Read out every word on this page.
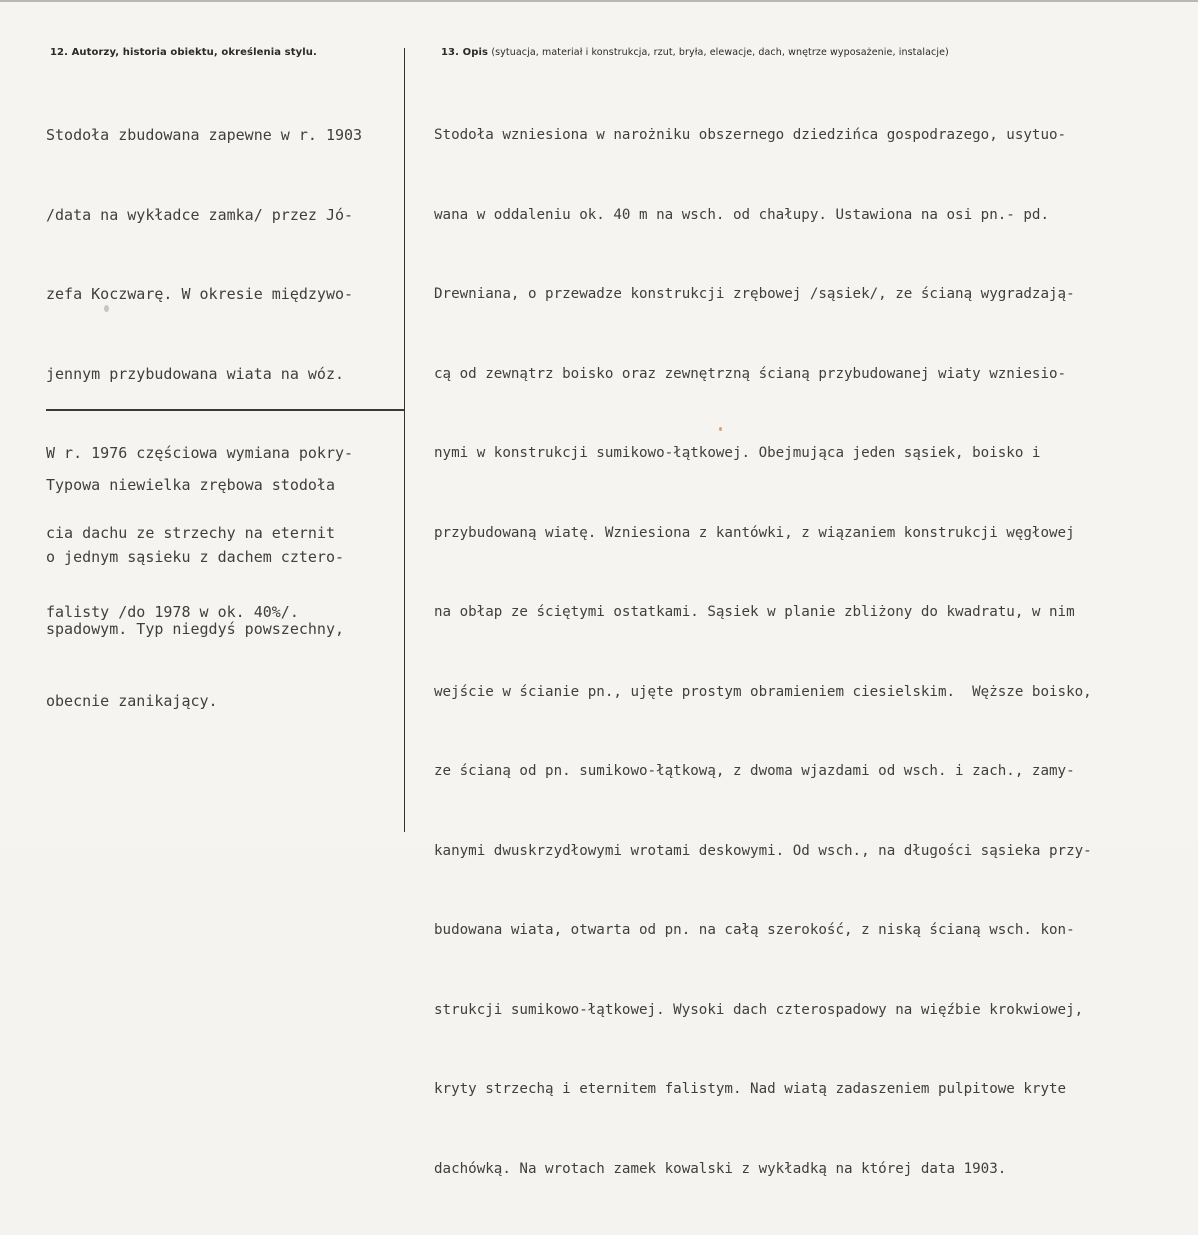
12. Autorzy, historia obiektu, określenia stylu.	13. Opis (sytuacja, materiał i konstrukcja, rzut, bryła, elewacje, dach, wnętrze wyposażenie, instalacje)

Stodoła zbudowana zapewne w r. 1903

/data na wykładce zamka/ przez Jó-

zefa Koczwarę. W okresie międzywo-

jennym przybudowana wiata na wóz.

W r. 1976 częściowa wymiana pokry-

cia dachu ze strzechy na eternit

falisty /do 1978 w ok. 40%/.

Typowa niewielka zrębowa stodoła

o jednym sąsieku z dachem cztero-

spadowym. Typ niegdyś powszechny,

obecnie zanikający.

Stodoła wzniesiona w narożniku obszernego dziedzińca gospodrazego, usytuo-

wana w oddaleniu ok. 40 m na wsch. od chałupy. Ustawiona na osi pn.- pd.

Drewniana, o przewadze konstrukcji zrębowej /sąsiek/, ze ścianą wygradzają-

cą od zewnątrz boisko oraz zewnętrzną ścianą przybudowanej wiaty wzniesio-

nymi w konstrukcji sumikowo-łątkowej. Obejmująca jeden sąsiek, boisko i

przybudowaną wiatę. Wzniesiona z kantówki, z wiązaniem konstrukcji węgłowej

na obłap ze ściętymi ostatkami. Sąsiek w planie zbliżony do kwadratu, w nim

wejście w ścianie pn., ujęte prostym obramieniem ciesielskim.  Węższe boisko,

ze ścianą od pn. sumikowo-łątkową, z dwoma wjazdami od wsch. i zach., zamy-

kanymi dwuskrzydłowymi wrotami deskowymi. Od wsch., na długości sąsieka przy-

budowana wiata, otwarta od pn. na całą szerokość, z niską ścianą wsch. kon-

strukcji sumikowo-łątkowej. Wysoki dach czterospadowy na więźbie krokwiowej,

kryty strzechą i eternitem falistym. Nad wiatą zadaszeniem pulpitowe kryte

dachówką. Na wrotach zamek kowalski z wykładką na której data 1903.
